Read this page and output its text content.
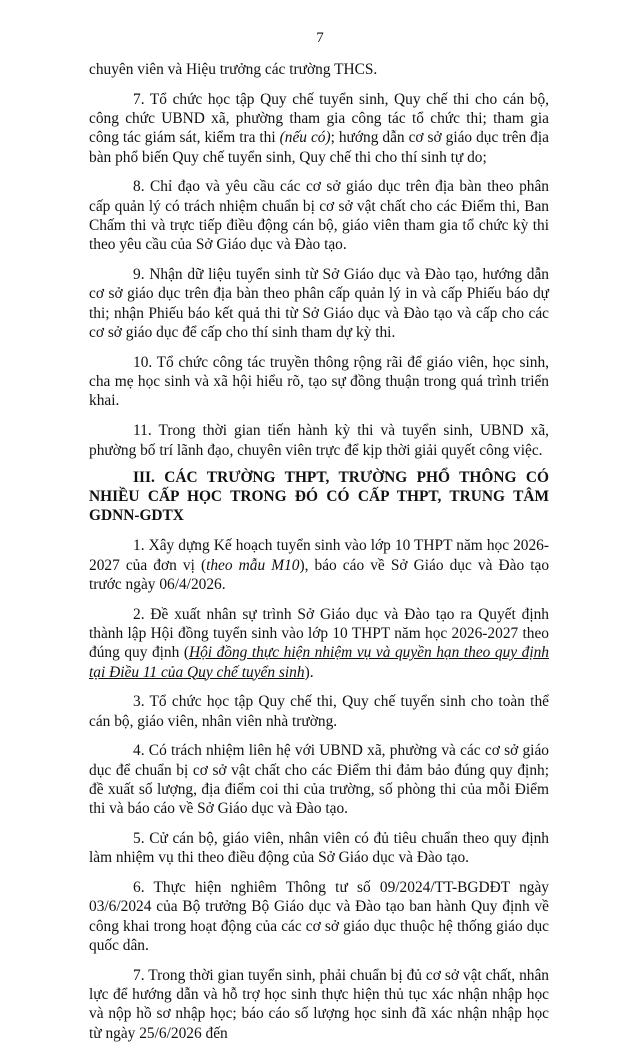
7

chuyên viên và Hiệu trưởng các trường THCS.

7. Tổ chức học tập Quy chế tuyển sinh, Quy chế thi cho cán bộ, công chức UBND xã, phường tham gia công tác tổ chức thi; tham gia công tác giám sát, kiểm tra thi (nếu có); hướng dẫn cơ sở giáo dục trên địa bàn phổ biến Quy chế tuyển sinh, Quy chế thi cho thí sinh tự do;

8. Chỉ đạo và yêu cầu các cơ sở giáo dục trên địa bàn theo phân cấp quản lý có trách nhiệm chuẩn bị cơ sở vật chất cho các Điểm thi, Ban Chấm thi và trực tiếp điều động cán bộ, giáo viên tham gia tổ chức kỳ thi theo yêu cầu của Sở Giáo dục và Đào tạo.

9. Nhận dữ liệu tuyển sinh từ Sở Giáo dục và Đào tạo, hướng dẫn cơ sở giáo dục trên địa bàn theo phân cấp quản lý in và cấp Phiếu báo dự thi; nhận Phiếu báo kết quả thi từ Sở Giáo dục và Đào tạo và cấp cho các cơ sở giáo dục để cấp cho thí sinh tham dự kỳ thi.

10. Tổ chức công tác truyền thông rộng rãi để giáo viên, học sinh, cha mẹ học sinh và xã hội hiểu rõ, tạo sự đồng thuận trong quá trình triển khai.

11. Trong thời gian tiến hành kỳ thi và tuyển sinh, UBND xã, phường bố trí lãnh đạo, chuyên viên trực để kịp thời giải quyết công việc.

III. CÁC TRƯỜNG THPT, TRƯỜNG PHỔ THÔNG CÓ NHIỀU CẤP HỌC TRONG ĐÓ CÓ CẤP THPT, TRUNG TÂM GDNN-GDTX

1. Xây dựng Kế hoạch tuyển sinh vào lớp 10 THPT năm học 2026-2027 của đơn vị (theo mẫu M10), báo cáo về Sở Giáo dục và Đào tạo trước ngày 06/4/2026.

2. Đề xuất nhân sự trình Sở Giáo dục và Đào tạo ra Quyết định thành lập Hội đồng tuyển sinh vào lớp 10 THPT năm học 2026-2027 theo đúng quy định (Hội đồng thực hiện nhiệm vụ và quyền hạn theo quy định tại Điều 11 của Quy chế tuyển sinh).

3. Tổ chức học tập Quy chế thi, Quy chế tuyển sinh cho toàn thể cán bộ, giáo viên, nhân viên nhà trường.

4. Có trách nhiệm liên hệ với UBND xã, phường và các cơ sở giáo dục để chuẩn bị cơ sở vật chất cho các Điểm thi đảm bảo đúng quy định; đề xuất số lượng, địa điểm coi thi của trường, số phòng thi của mỗi Điểm thi và báo cáo về Sở Giáo dục và Đào tạo.

5. Cử cán bộ, giáo viên, nhân viên có đủ tiêu chuẩn theo quy định làm nhiệm vụ thi theo điều động của Sở Giáo dục và Đào tạo.

6. Thực hiện nghiêm Thông tư số 09/2024/TT-BGDĐT ngày 03/6/2024 của Bộ trưởng Bộ Giáo dục và Đào tạo ban hành Quy định về công khai trong hoạt động của các cơ sở giáo dục thuộc hệ thống giáo dục quốc dân.

7. Trong thời gian tuyển sinh, phải chuẩn bị đủ cơ sở vật chất, nhân lực để hướng dẫn và hỗ trợ học sinh thực hiện thủ tục xác nhận nhập học và nộp hồ sơ nhập học; báo cáo số lượng học sinh đã xác nhận nhập học từ ngày 25/6/2026 đến
